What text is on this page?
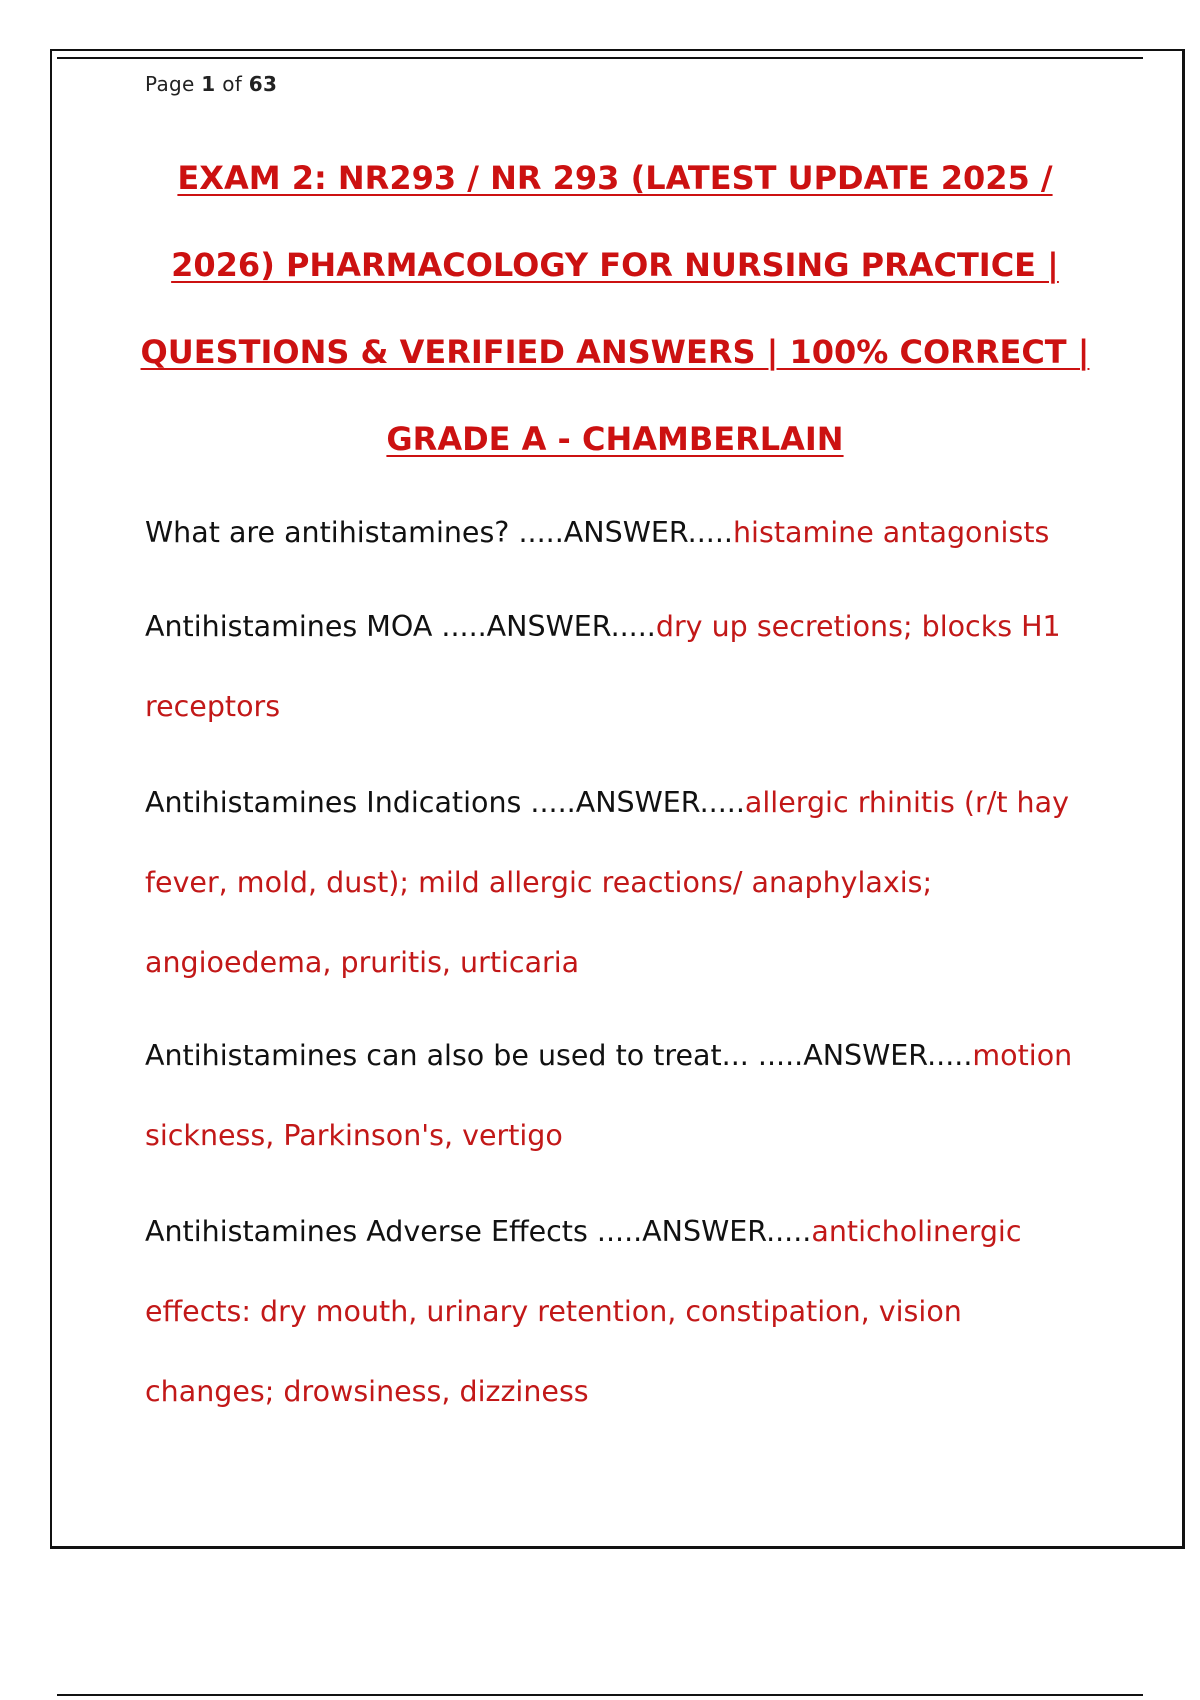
Page 1 of 63
EXAM 2: NR293 / NR 293 (LATEST UPDATE 2025 /
2026) PHARMACOLOGY FOR NURSING PRACTICE |
QUESTIONS & VERIFIED ANSWERS | 100% CORRECT |
GRADE A - CHAMBERLAIN
What are antihistamines? .....ANSWER.....histamine antagonists
Antihistamines MOA .....ANSWER.....dry up secretions; blocks H1 receptors
Antihistamines Indications .....ANSWER.....allergic rhinitis (r/t hay fever, mold, dust); mild allergic reactions/ anaphylaxis; angioedema, pruritis, urticaria
Antihistamines can also be used to treat... .....ANSWER.....motion sickness, Parkinson's, vertigo
Antihistamines Adverse Effects .....ANSWER.....anticholinergic effects: dry mouth, urinary retention, constipation, vision changes; drowsiness, dizziness
